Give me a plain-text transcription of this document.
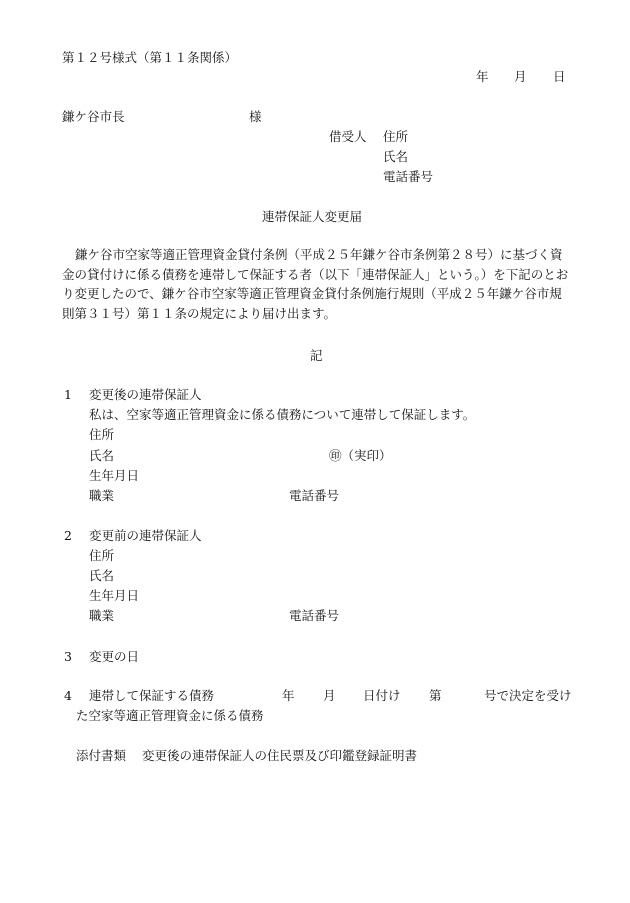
第１２号様式（第１１条関係）
年 月 日
鎌ケ谷市長	様
借受人 住所
氏名
電話番号
連帯保証人変更届

鎌ケ谷市空家等適正管理資金貸付条例（平成２５年鎌ケ谷市条例第２８号）に基づく資金の貸付けに係る債務を連帯して保証する者（以下「連帯保証人」という。）を下記のとおり変更したので、鎌ケ谷市空家等適正管理資金貸付条例施行規則（平成２５年鎌ケ谷市規則第３１号）第１１条の規定により届け出ます。

記
1 変更後の連帯保証人
私は、空家等適正管理資金に係る債務について連帯して保証します。
住所
氏名	㊞（実印）
生年月日
職業	電話番号
2 変更前の連帯保証人
住所
氏名
生年月日
職業	電話番号
3 変更の日
4 連帯して保証する債務	年 月 日付け 第	号で決定を受け
た空家等適正管理資金に係る債務
添付書類 変更後の連帯保証人の住民票及び印鑑登録証明書
